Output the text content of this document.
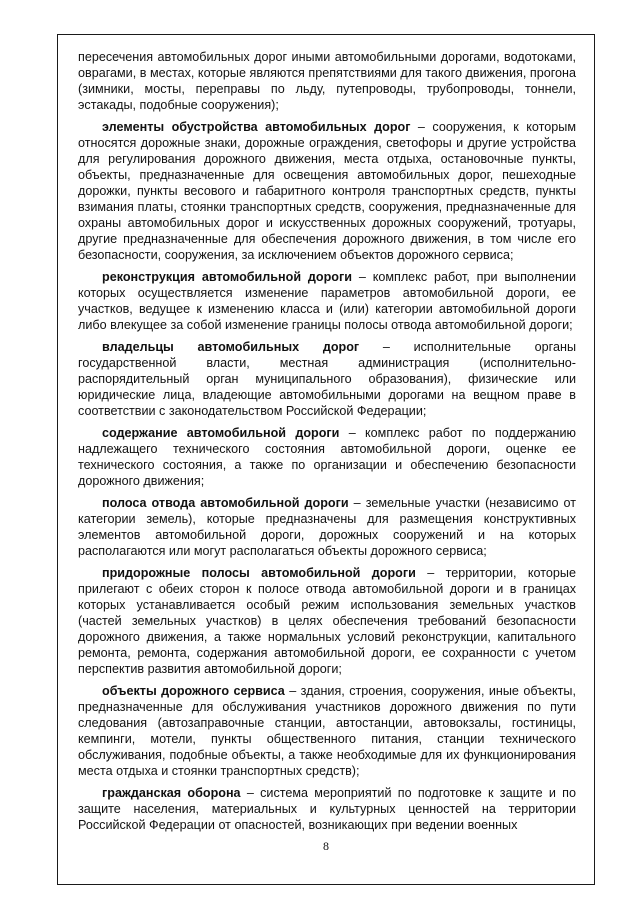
пересечения автомобильных дорог иными автомобильными дорогами, водотоками, оврагами, в местах, которые являются препятствиями для такого движения, прогона (зимники, мосты, переправы по льду, путепроводы, трубопроводы, тоннели, эстакады, подобные сооружения);

элементы обустройства автомобильных дорог – сооружения, к которым относятся дорожные знаки, дорожные ограждения, светофоры и другие устройства для регулирования дорожного движения, места отдыха, остановочные пункты, объекты, предназначенные для освещения автомобильных дорог, пешеходные дорожки, пункты весового и габаритного контроля транспортных средств, пункты взимания платы, стоянки транспортных средств, сооружения, предназначенные для охраны автомобильных дорог и искусственных дорожных сооружений, тротуары, другие предназначенные для обеспечения дорожного движения, в том числе его безопасности, сооружения, за исключением объектов дорожного сервиса;

реконструкция автомобильной дороги – комплекс работ, при выполнении которых осуществляется изменение параметров автомобильной дороги, ее участков, ведущее к изменению класса и (или) категории автомобильной дороги либо влекущее за собой изменение границы полосы отвода автомобильной дороги;

владельцы автомобильных дорог – исполнительные органы государственной власти, местная администрация (исполнительно-распорядительный орган муниципального образования), физические или юридические лица, владеющие автомобильными дорогами на вещном праве в соответствии с законодательством Российской Федерации;

содержание автомобильной дороги – комплекс работ по поддержанию надлежащего технического состояния автомобильной дороги, оценке ее технического состояния, а также по организации и обеспечению безопасности дорожного движения;

полоса отвода автомобильной дороги – земельные участки (независимо от категории земель), которые предназначены для размещения конструктивных элементов автомобильной дороги, дорожных сооружений и на которых располагаются или могут располагаться объекты дорожного сервиса;

придорожные полосы автомобильной дороги – территории, которые прилегают с обеих сторон к полосе отвода автомобильной дороги и в границах которых устанавливается особый режим использования земельных участков (частей земельных участков) в целях обеспечения требований безопасности дорожного движения, а также нормальных условий реконструкции, капитального ремонта, ремонта, содержания автомобильной дороги, ее сохранности с учетом перспектив развития автомобильной дороги;

объекты дорожного сервиса – здания, строения, сооружения, иные объекты, предназначенные для обслуживания участников дорожного движения по пути следования (автозаправочные станции, автостанции, автовокзалы, гостиницы, кемпинги, мотели, пункты общественного питания, станции технического обслуживания, подобные объекты, а также необходимые для их функционирования места отдыха и стоянки транспортных средств);

гражданская оборона – система мероприятий по подготовке к защите и по защите населения, материальных и культурных ценностей на территории Российской Федерации от опасностей, возникающих при ведении военных

8
